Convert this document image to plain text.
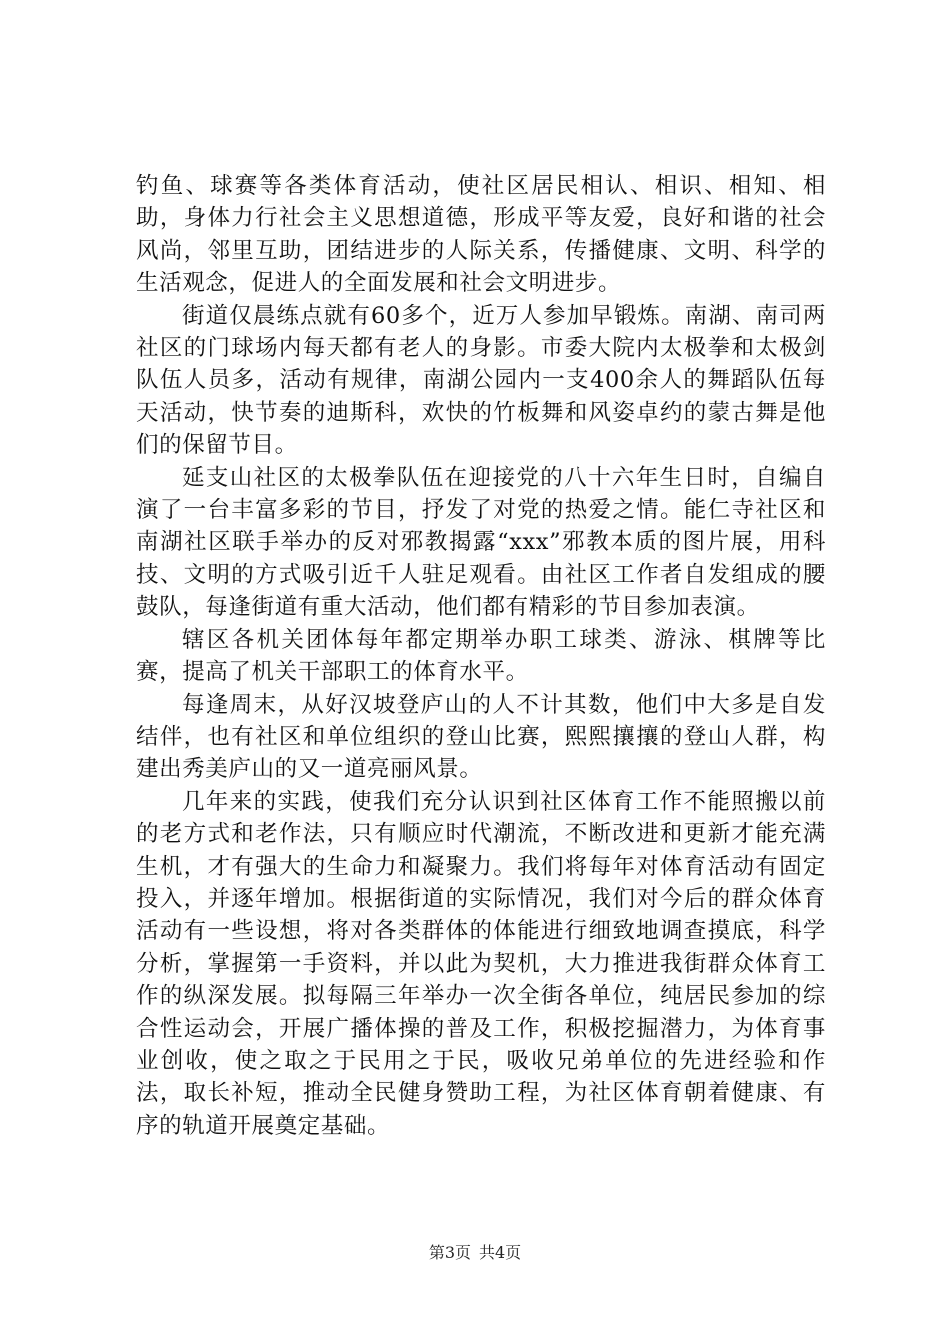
钓鱼、球赛等各类体育活动，使社区居民相认、相识、相知、相助，身体力行社会主义思想道德，形成平等友爱，良好和谐的社会风尚，邻里互助，团结进步的人际关系，传播健康、文明、科学的生活观念，促进人的全面发展和社会文明进步。

街道仅晨练点就有60多个，近万人参加早锻炼。南湖、南司两社区的门球场内每天都有老人的身影。市委大院内太极拳和太极剑队伍人员多，活动有规律，南湖公园内一支400余人的舞蹈队伍每天活动，快节奏的迪斯科，欢快的竹板舞和风姿卓约的蒙古舞是他们的保留节目。

延支山社区的太极拳队伍在迎接党的八十六年生日时，自编自演了一台丰富多彩的节目，抒发了对党的热爱之情。能仁寺社区和南湖社区联手举办的反对邪教揭露“xxx”邪教本质的图片展，用科技、文明的方式吸引近千人驻足观看。由社区工作者自发组成的腰鼓队，每逢街道有重大活动，他们都有精彩的节目参加表演。

辖区各机关团体每年都定期举办职工球类、游泳、棋牌等比赛，提高了机关干部职工的体育水平。

每逢周末，从好汉坡登庐山的人不计其数，他们中大多是自发结伴，也有社区和单位组织的登山比赛，熙熙攘攘的登山人群，构建出秀美庐山的又一道亮丽风景。

几年来的实践，使我们充分认识到社区体育工作不能照搬以前的老方式和老作法，只有顺应时代潮流，不断改进和更新才能充满生机，才有强大的生命力和凝聚力。我们将每年对体育活动有固定投入，并逐年增加。根据街道的实际情况，我们对今后的群众体育活动有一些设想，将对各类群体的体能进行细致地调查摸底，科学分析，掌握第一手资料，并以此为契机，大力推进我街群众体育工作的纵深发展。拟每隔三年举办一次全街各单位，纯居民参加的综合性运动会，开展广播体操的普及工作，积极挖掘潜力，为体育事业创收，使之取之于民用之于民，吸收兄弟单位的先进经验和作法，取长补短，推动全民健身赞助工程，为社区体育朝着健康、有序的轨道开展奠定基础。

第3页 共4页
